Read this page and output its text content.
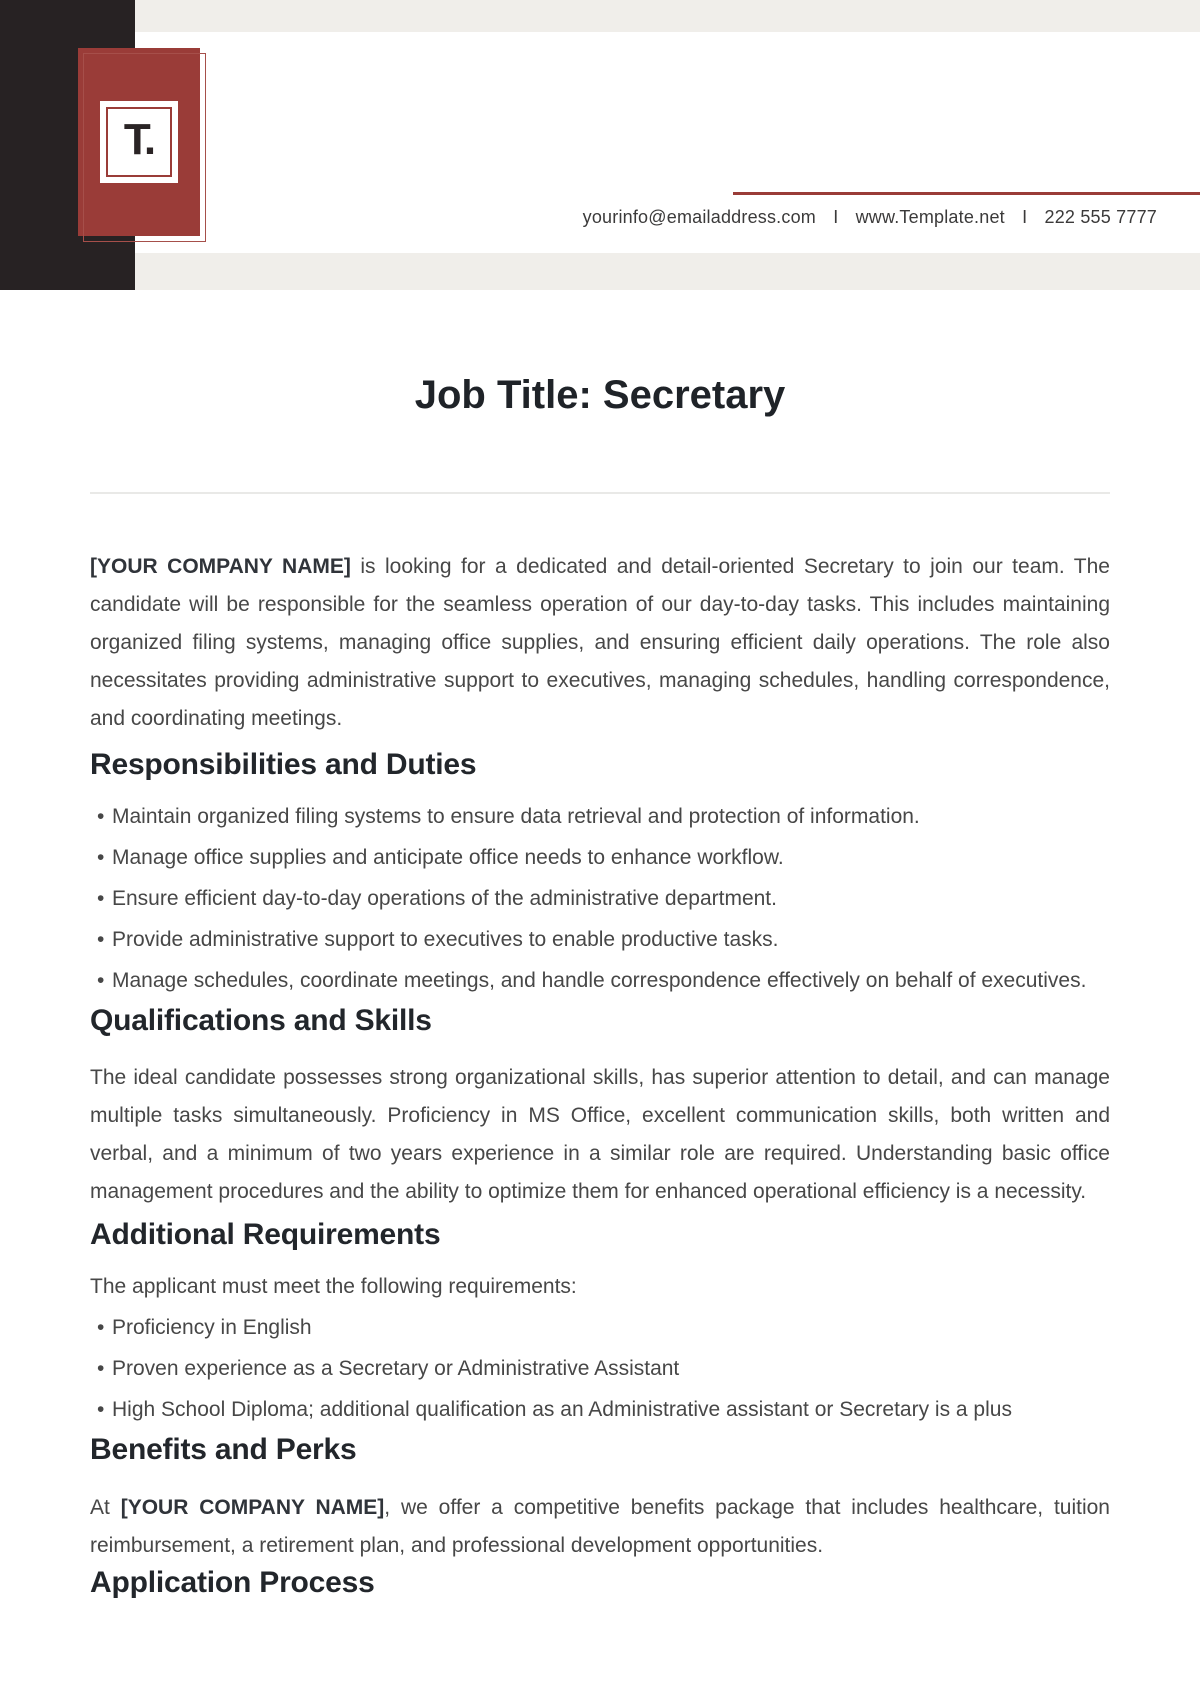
T.
yourinfo@emailaddress.com I www.Template.net I 222 555 7777
Job Title: Secretary

[YOUR COMPANY NAME] is looking for a dedicated and detail-oriented Secretary to join our team. The candidate will be responsible for the seamless operation of our day-to-day tasks. This includes maintaining organized filing systems, managing office supplies, and ensuring efficient daily operations. The role also necessitates providing administrative support to executives, managing schedules, handling correspondence, and coordinating meetings.

Responsibilities and Duties
• Maintain organized filing systems to ensure data retrieval and protection of information.
• Manage office supplies and anticipate office needs to enhance workflow.
• Ensure efficient day-to-day operations of the administrative department.
• Provide administrative support to executives to enable productive tasks.
• Manage schedules, coordinate meetings, and handle correspondence effectively on behalf of executives.
Qualifications and Skills

The ideal candidate possesses strong organizational skills, has superior attention to detail, and can manage multiple tasks simultaneously. Proficiency in MS Office, excellent communication skills, both written and verbal, and a minimum of two years experience in a similar role are required. Understanding basic office management procedures and the ability to optimize them for enhanced operational efficiency is a necessity.

Additional Requirements

The applicant must meet the following requirements:

• Proficiency in English
• Proven experience as a Secretary or Administrative Assistant
• High School Diploma; additional qualification as an Administrative assistant or Secretary is a plus
Benefits and Perks

At [YOUR COMPANY NAME], we offer a competitive benefits package that includes healthcare, tuition reimbursement, a retirement plan, and professional development opportunities.

Application Process
